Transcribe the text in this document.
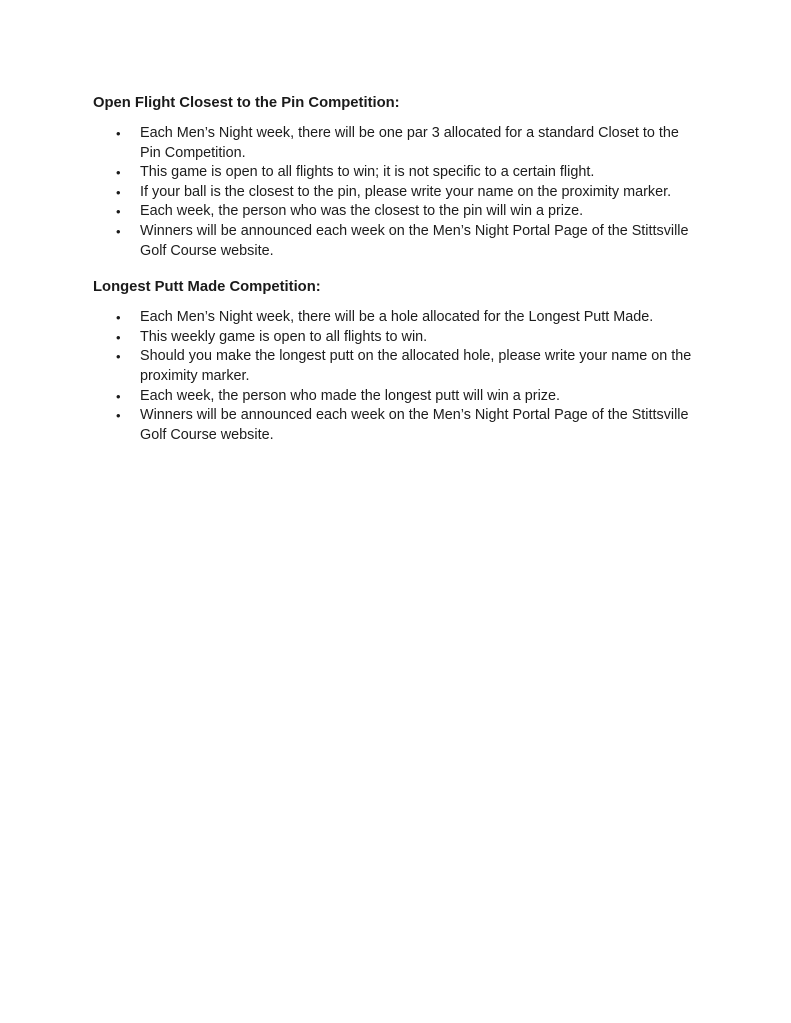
Open Flight Closest to the Pin Competition:
• Each Men’s Night week, there will be one par 3 allocated for a standard Closet to the Pin Competition.
• This game is open to all flights to win; it is not specific to a certain flight.
• If your ball is the closest to the pin, please write your name on the proximity marker.
• Each week, the person who was the closest to the pin will win a prize.
• Winners will be announced each week on the Men’s Night Portal Page of the Stittsville Golf Course website.
Longest Putt Made Competition:
• Each Men’s Night week, there will be a hole allocated for the Longest Putt Made.
• This weekly game is open to all flights to win.
• Should you make the longest putt on the allocated hole, please write your name on the proximity marker.
• Each week, the person who made the longest putt will win a prize.
• Winners will be announced each week on the Men’s Night Portal Page of the Stittsville Golf Course website.
